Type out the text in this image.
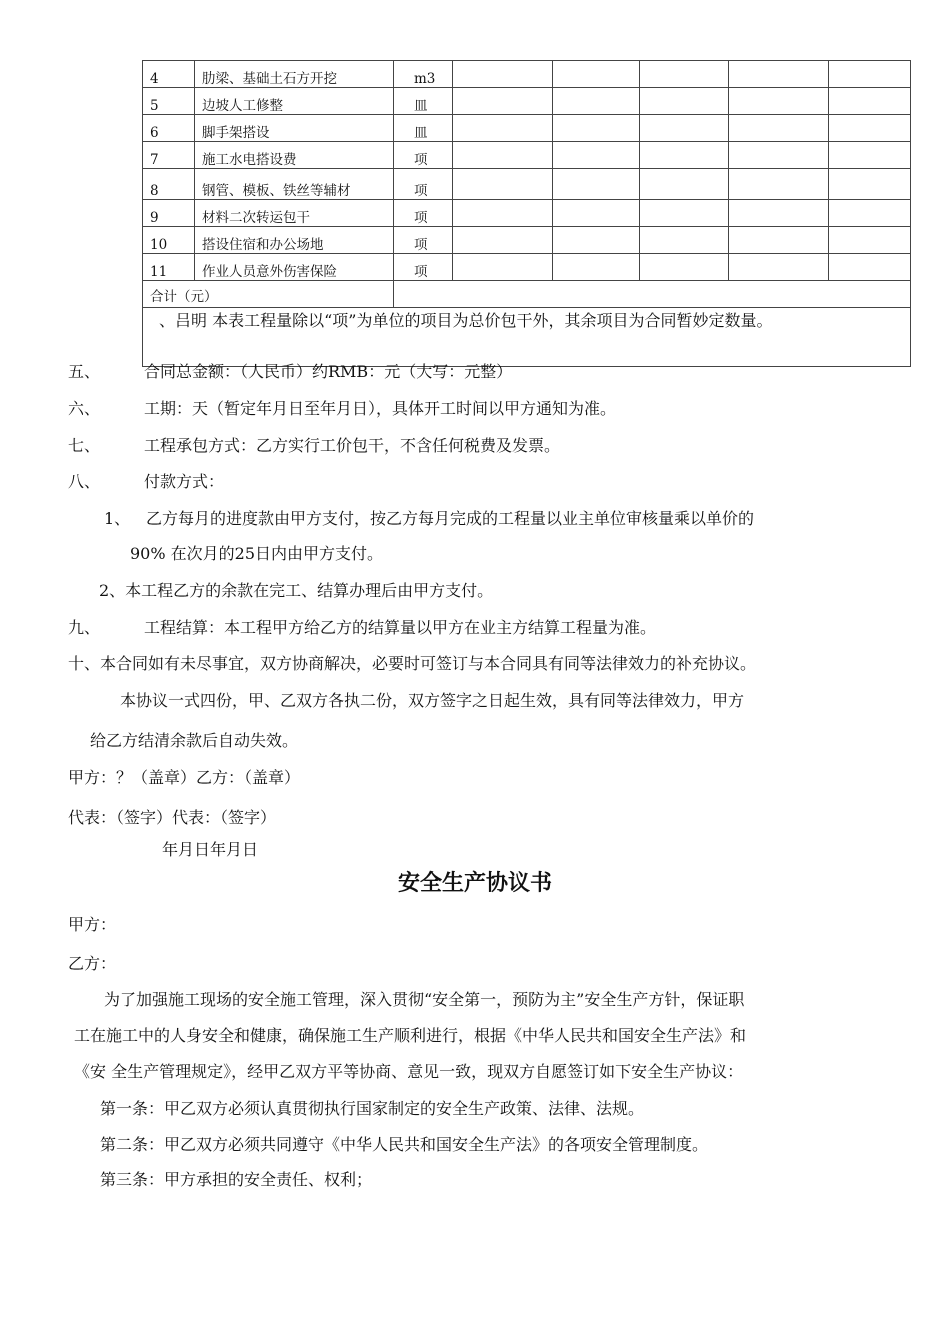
4	肋梁、基础土石方开挖	m3					
5	边坡人工修整	皿					
6	脚手架搭设	皿					
7	施工水电搭设费	项					
8	钢管、模板、铁丝等辅材	项					
9	材料二次转运包干	项					
10	搭设住宿和办公场地	项					
11	作业人员意外伤害保险	项					
合计（元）							
、吕明 本表工程量除以“项”为单位的项目为总价包干外，其余项目为合同暂妙定数量。							
五、	合同总金额：（人民币）约RMB：元（大写：元整）
六、	工期：天（暂定年月日至年月日），具体开工时间以甲方通知为准。
七、	工程承包方式：乙方实行工价包干，不含任何税费及发票。
八、	付款方式：
1、 乙方每月的进度款由甲方支付，按乙方每月完成的工程量以业主单位审核量乘以单价的
90% 在次月的25日内由甲方支付。
2、本工程乙方的余款在完工、结算办理后由甲方支付。
九、	工程结算：本工程甲方给乙方的结算量以甲方在业主方结算工程量为准。
十、本合同如有未尽事宜，双方协商解决，必要时可签订与本合同具有同等法律效力的补充协议。
本协议一式四份，甲、乙双方各执二份，双方签字之日起生效，具有同等法律效力，甲方
给乙方结清余款后自动失效。
甲方：？（盖章）乙方：（盖章）
代表：（签字）代表：（签字）
年月日年月日
安全生产协议书
甲方：
乙方：
为了加强施工现场的安全施工管理，深入贯彻“安全第一，预防为主”安全生产方针，保证职
工在施工中的人身安全和健康，确保施工生产顺利进行，根据《中华人民共和国安全生产法》和
《安 全生产管理规定》，经甲乙双方平等协商、意见一致，现双方自愿签订如下安全生产协议：
第一条：甲乙双方必须认真贯彻执行国家制定的安全生产政策、法律、法规。
第二条：甲乙双方必须共同遵守《中华人民共和国安全生产法》的各项安全管理制度。
第三条：甲方承担的安全责任、权利；
